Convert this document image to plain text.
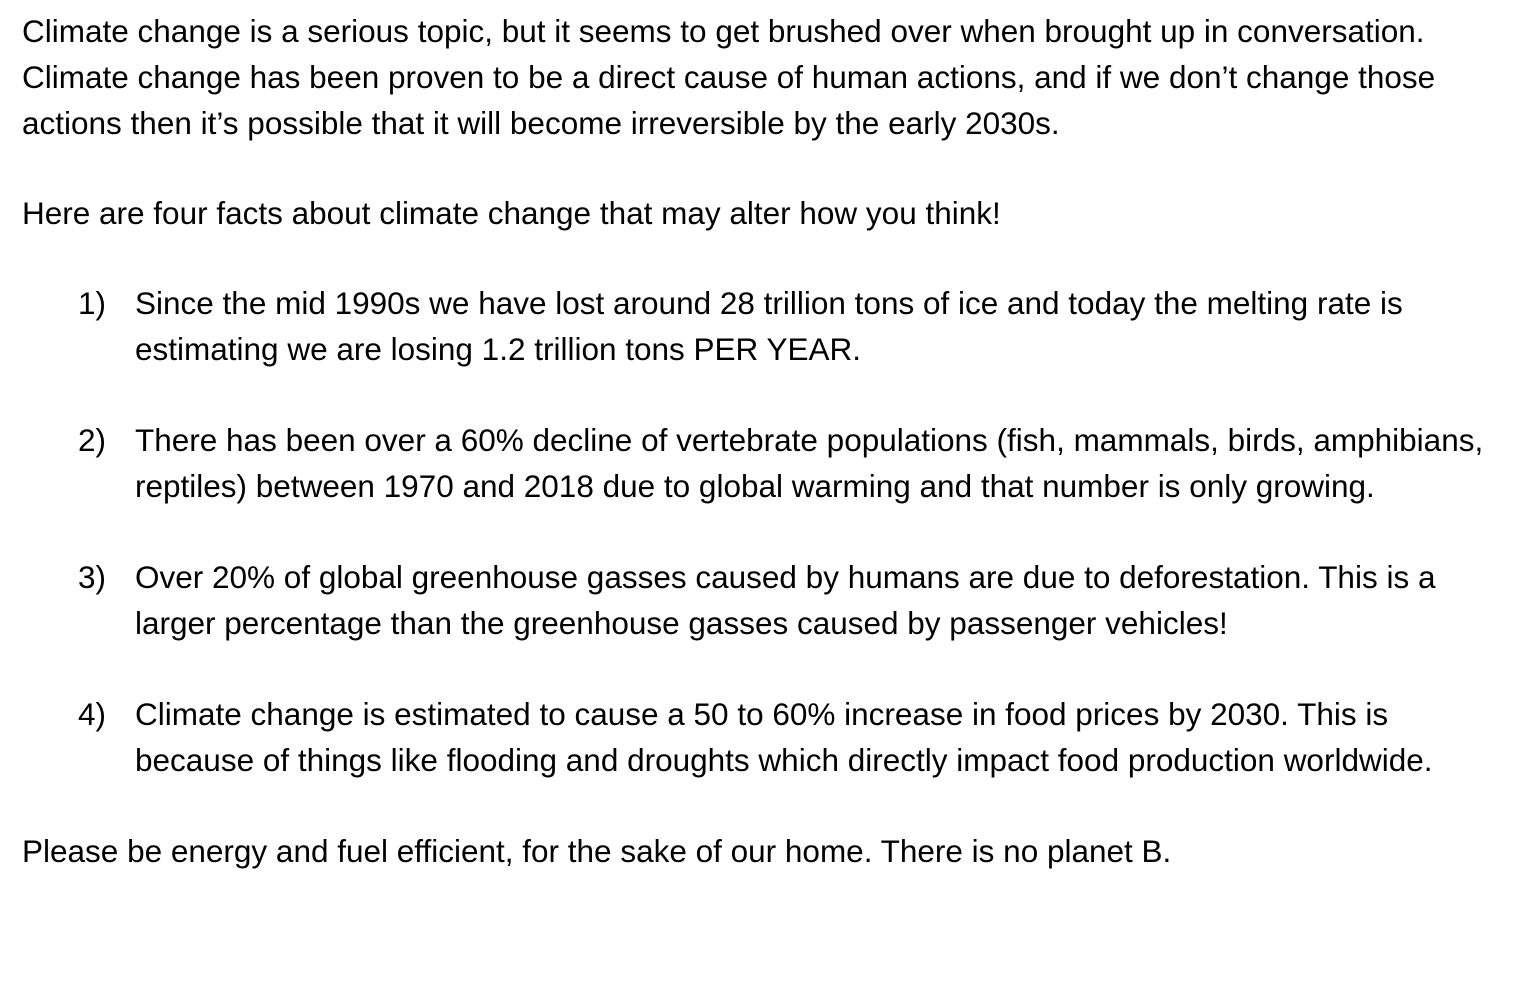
Climate change is a serious topic, but it seems to get brushed over when brought up in conversation. Climate change has been proven to be a direct cause of human actions, and if we don’t change those actions then it’s possible that it will become irreversible by the early 2030s.

Here are four facts about climate change that may alter how you think!

1) Since the mid 1990s we have lost around 28 trillion tons of ice and today the melting rate is estimating we are losing 1.2 trillion tons PER YEAR.
2) There has been over a 60% decline of vertebrate populations (fish, mammals, birds, amphibians, reptiles) between 1970 and 2018 due to global warming and that number is only growing.
3) Over 20% of global greenhouse gasses caused by humans are due to deforestation. This is a larger percentage than the greenhouse gasses caused by passenger vehicles!
4) Climate change is estimated to cause a 50 to 60% increase in food prices by 2030. This is because of things like flooding and droughts which directly impact food production worldwide.

Please be energy and fuel efficient, for the sake of our home. There is no planet B.
